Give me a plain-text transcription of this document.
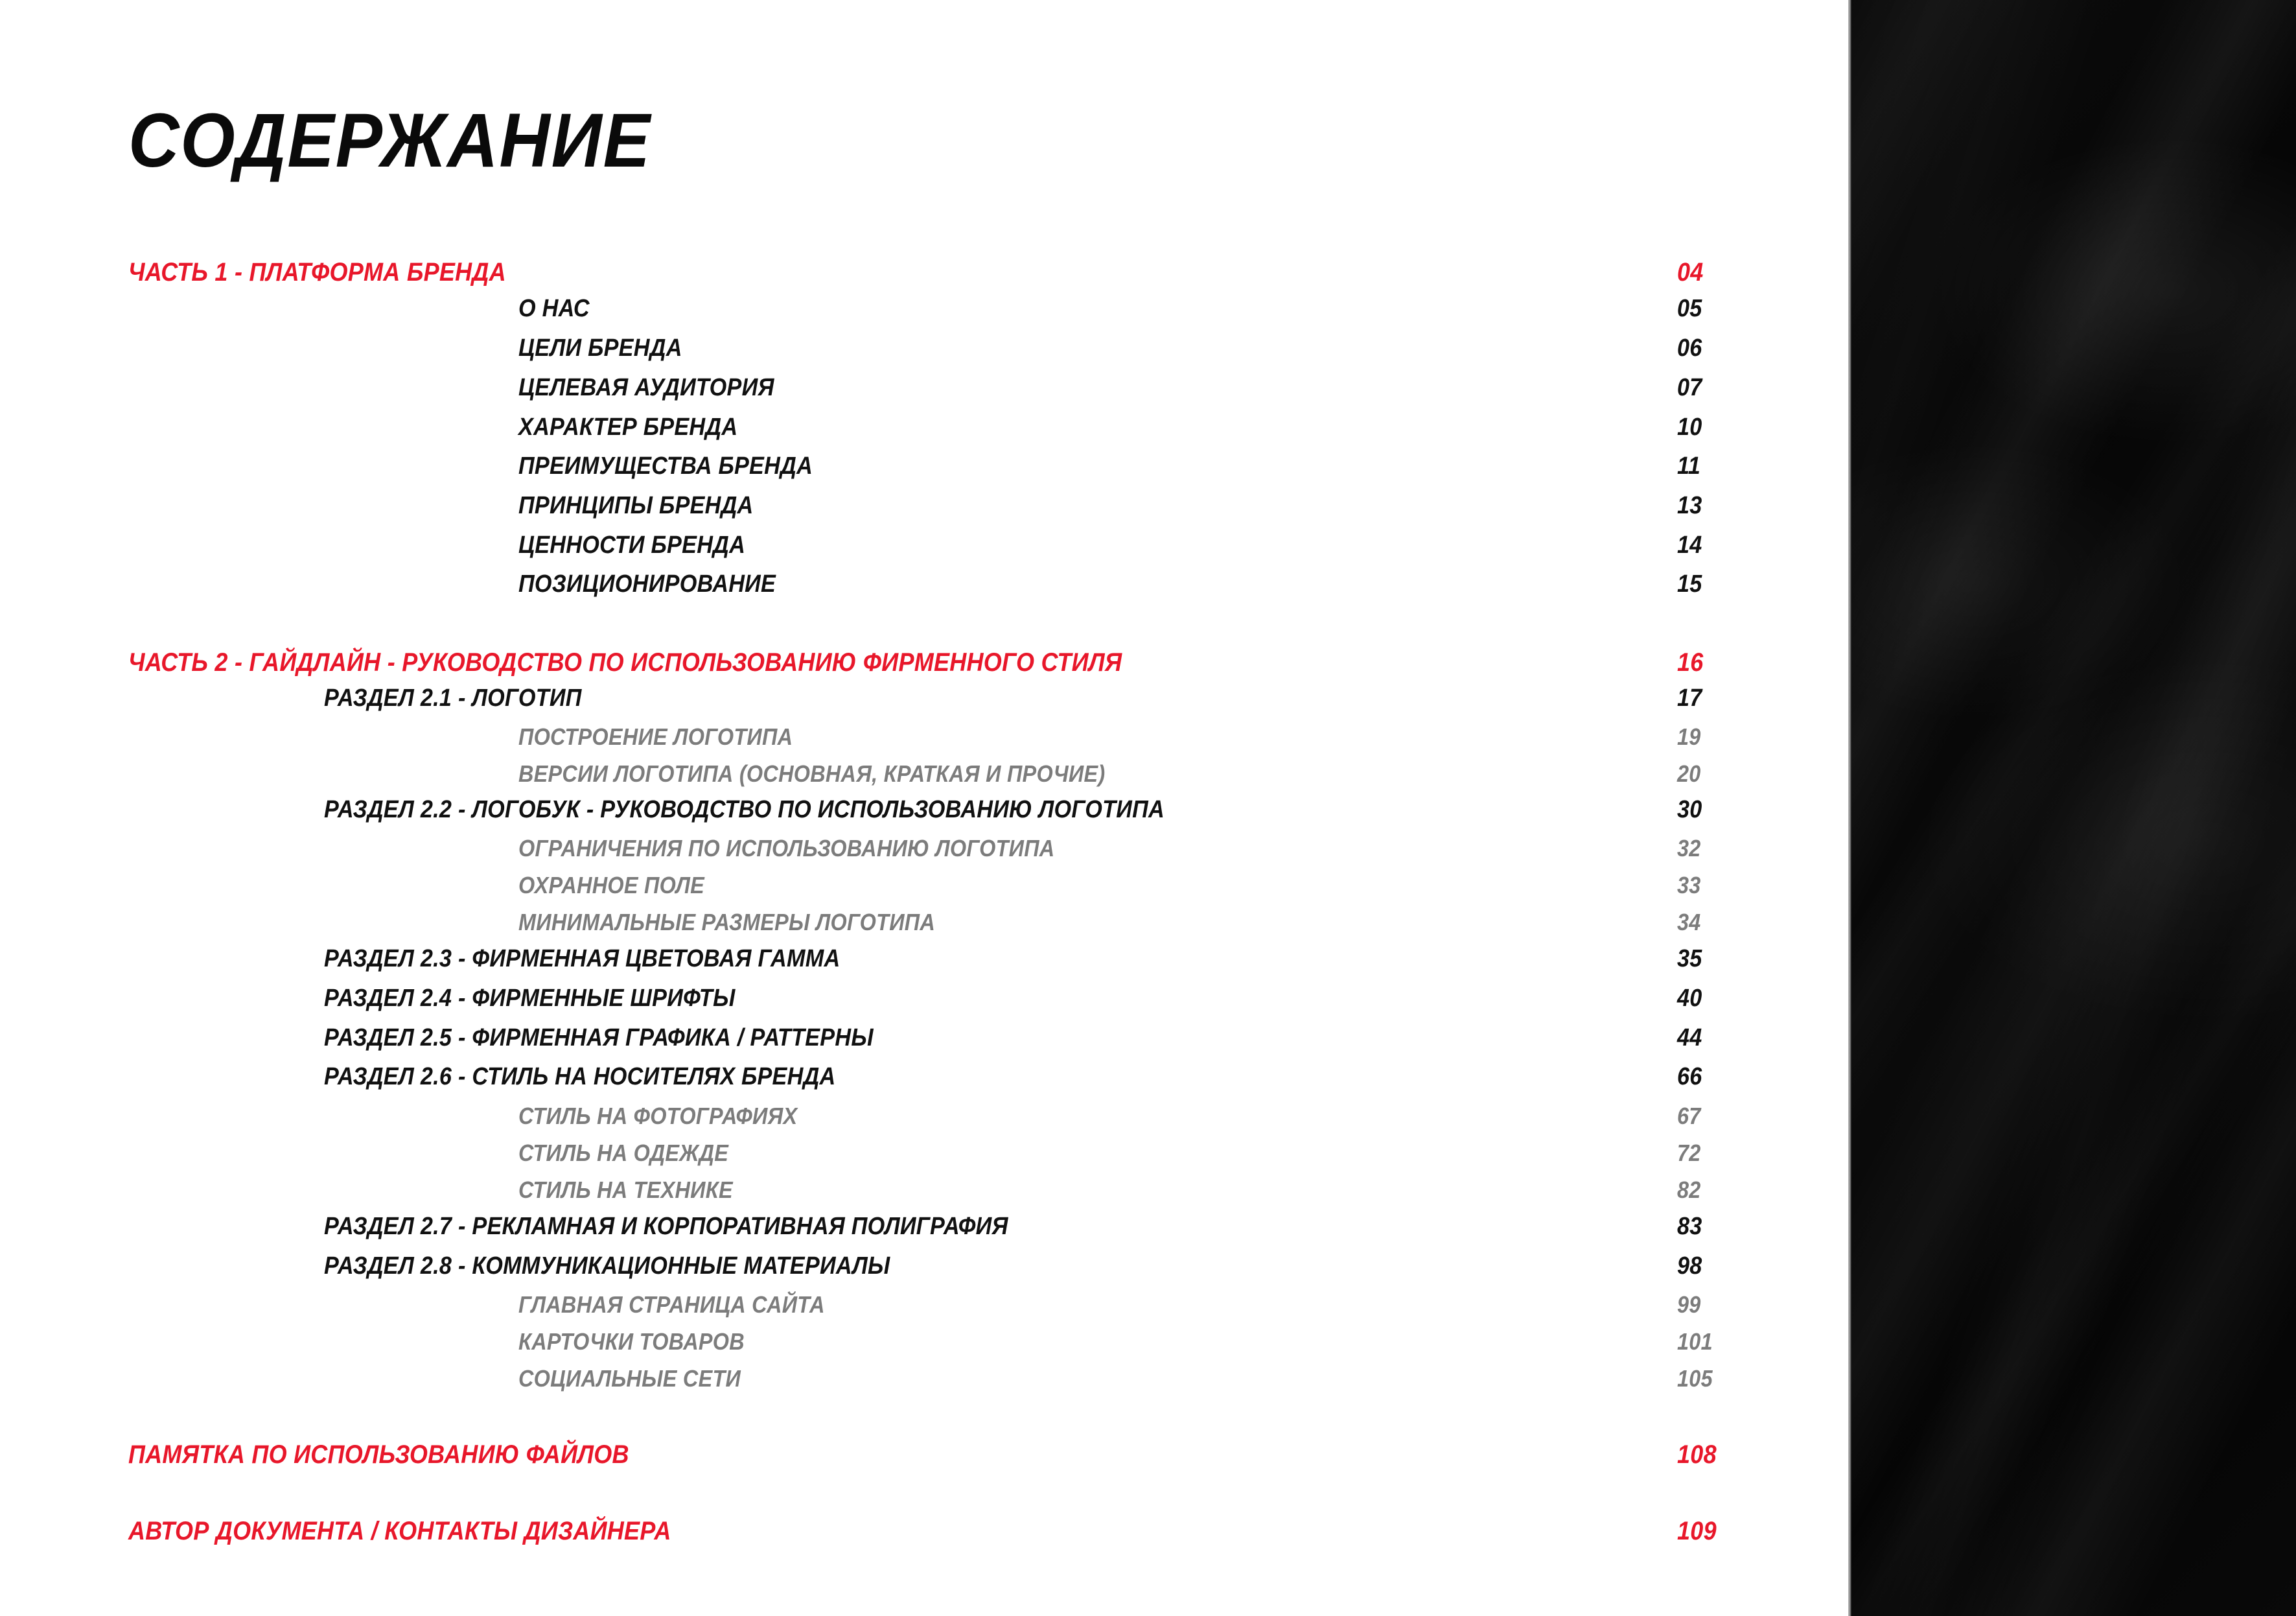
СОДЕРЖАНИЕ
ЧАСТЬ 1 - ПЛАТФОРМА БРЕНДА	04
О НАС	05
ЦЕЛИ БРЕНДА	06
ЦЕЛЕВАЯ АУДИТОРИЯ	07
ХАРАКТЕР БРЕНДА	10
ПРЕИМУЩЕСТВА БРЕНДА	11
ПРИНЦИПЫ БРЕНДА	13
ЦЕННОСТИ БРЕНДА	14
ПОЗИЦИОНИРОВАНИЕ	15
ЧАСТЬ 2 - ГАЙДЛАЙН - РУКОВОДСТВО ПО ИСПОЛЬЗОВАНИЮ ФИРМЕННОГО СТИЛЯ	16
РАЗДЕЛ 2.1 - ЛОГОТИП	17
ПОСТРОЕНИЕ ЛОГОТИПА	19
ВЕРСИИ ЛОГОТИПА (ОСНОВНАЯ, КРАТКАЯ И ПРОЧИЕ)	20
РАЗДЕЛ 2.2 - ЛОГОБУК - РУКОВОДСТВО ПО ИСПОЛЬЗОВАНИЮ ЛОГОТИПА	30
ОГРАНИЧЕНИЯ ПО ИСПОЛЬЗОВАНИЮ ЛОГОТИПА	32
ОХРАННОЕ ПОЛЕ	33
МИНИМАЛЬНЫЕ РАЗМЕРЫ ЛОГОТИПА	34
РАЗДЕЛ 2.3 - ФИРМЕННАЯ ЦВЕТОВАЯ ГАММА	35
РАЗДЕЛ 2.4 - ФИРМЕННЫЕ ШРИФТЫ	40
РАЗДЕЛ 2.5 - ФИРМЕННАЯ ГРАФИКА / РАТТЕРНЫ	44
РАЗДЕЛ 2.6 - СТИЛЬ НА НОСИТЕЛЯХ БРЕНДА	66
СТИЛЬ НА ФОТОГРАФИЯХ	67
СТИЛЬ НА ОДЕЖДЕ	72
СТИЛЬ НА ТЕХНИКЕ	82
РАЗДЕЛ 2.7 - РЕКЛАМНАЯ И КОРПОРАТИВНАЯ ПОЛИГРАФИЯ	83
РАЗДЕЛ 2.8 - КОММУНИКАЦИОННЫЕ МАТЕРИАЛЫ	98
ГЛАВНАЯ СТРАНИЦА САЙТА	99
КАРТОЧКИ ТОВАРОВ	101
СОЦИАЛЬНЫЕ СЕТИ	105
ПАМЯТКА ПО ИСПОЛЬЗОВАНИЮ ФАЙЛОВ	108
АВТОР ДОКУМЕНТА / КОНТАКТЫ ДИЗАЙНЕРА	109
